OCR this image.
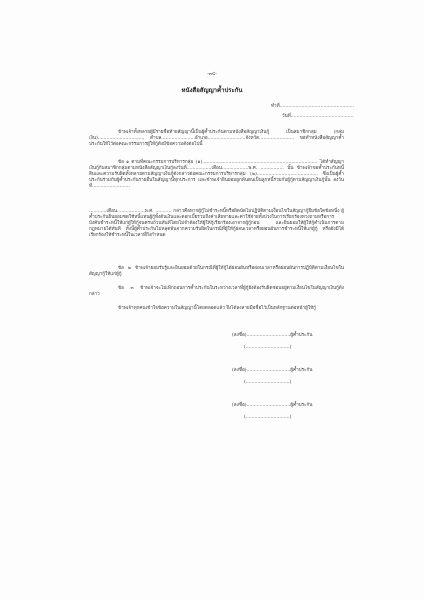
-๓๔-
หนังสือสัญญาค้ำประกัน
ทำที่...................................................
วันที่...........................................
ข้าพเจ้าทั้งหลายผู้มีรายชื่อท้ายสัญญานี้เป็นผู้ค้ำประกันตามหนังสือสัญญาเงินกู้ เป็นสมาชิกกลุ่ม (กลุ่มเงิน)................................ ตำบล.......................อำเภอ..........................จังหวัด........................ ขอทำหนังสือสัญญาค้ำประกันให้ไว้ต่อคณะกรรมการผู้ให้กู้ดังมีข้อความดังต่อไปนี้
ข้อ ๑ ตามที่คณะกรรมการบริหารกลุ่ม (๑)............................................................................... ได้ทำสัญญาเงินกู้กับสมาชิกกลุ่มตามหนังสือสัญญาเงินกู้ลงวันที่.................เดือน..................พ.ศ. ................ นั้น ข้าพเจ้าขอค้ำประกันหนี้สินและความรับผิดทั้งหลายตามสัญญาเงินกู้ดังกล่าวต่อคณะกรรมการบริหารกลุ่ม (๒).......................................... ซึ่งเป็นผู้ค้ำประกันร่วมกับผู้ค้ำประกันรายอื่นในสัญญานี้ทุกประการ และข้าพเจ้ายินยอมผูกพันตนเป็นลูกหนี้ร่วมกับผู้กู้ตามสัญญาเงินกู้นั้น ลงวันที่..........................
............เดือน...................พ.ศ. ........... กล่าวคือหากผู้กู้ไม่ชำระหนี้หรือผิดนัดไม่ปฏิบัติตามเงื่อนไขในสัญญากู้ยืมข้อใดข้อหนึ่ง ผู้ค้ำประกันยินยอมชดใช้หนี้แทนผู้กู้ทั้งต้นเงินและดอกเบี้ยรวมถึงค่าเสียหายและค่าใช้จ่ายทั้งปวงในการเรียกร้องทวงถามหรือการบังคับชำระหนี้ให้แก่ผู้ให้กู้จนครบถ้วนทันทีโดยไม่จำต้องให้ผู้ให้กู้เรียกร้องเอาจากผู้กู้ก่อน และยินยอมให้ผู้ให้กู้ดำเนินการตามกฎหมายได้ทันที ทั้งนี้ผู้ค้ำประกันไม่หลุดพ้นจากความรับผิดในกรณีที่ผู้ให้กู้ผ่อนเวลาหรือผ่อนผันการชำระหนี้ให้แก่ผู้กู้ หรือยังมิได้เรียกร้องให้ชำระหนี้ในเวลาที่ถึงกำหนด
ข้อ ๒ ข้าพเจ้ายอมรับรู้และยินยอมด้วยในกรณีที่ผู้ให้กู้ได้ผ่อนผันหรือผ่อนเวลาหรือผ่อนผันการปฏิบัติตามเงื่อนไขในสัญญากู้ให้แก่ผู้กู้
ข้อ ๓ ข้าพเจ้าจะไม่เพิกถอนการค้ำประกันในระหว่างเวลาที่ผู้กู้ยังต้องรับผิดชอบอยู่ตามเงื่อนไขในสัญญาเงินกู้ดังกล่าว
ข้าพเจ้าทุกคนเข้าใจข้อความในสัญญานี้โดยตลอดแล้ว จึงได้ลงลายมือชื่อไว้เป็นหลักฐานต่อหน้าผู้ให้กู้
(ลงชื่อ)..............................ผู้ค้ำประกัน
(..............................)
(ลงชื่อ)..............................ผู้ค้ำประกัน
(..............................)
(ลงชื่อ)..............................ผู้ค้ำประกัน
(..............................)
